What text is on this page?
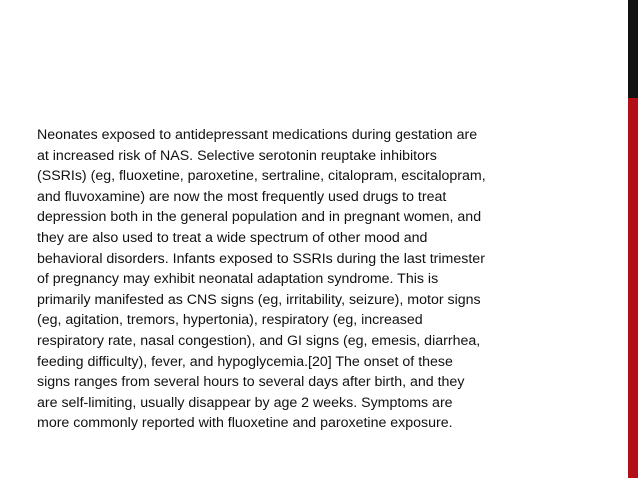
Neonates exposed to antidepressant medications during gestation are
at increased risk of NAS. Selective serotonin reuptake inhibitors
(SSRIs) (eg, fluoxetine, paroxetine, sertraline, citalopram, escitalopram,
and fluvoxamine) are now the most frequently used drugs to treat
depression both in the general population and in pregnant women, and
they are also used to treat a wide spectrum of other mood and
behavioral disorders. Infants exposed to SSRIs during the last trimester
of pregnancy may exhibit neonatal adaptation syndrome. This is
primarily manifested as CNS signs (eg, irritability, seizure), motor signs
(eg, agitation, tremors, hypertonia), respiratory (eg, increased
respiratory rate, nasal congestion), and GI signs (eg, emesis, diarrhea,
feeding difficulty), fever, and hypoglycemia.[20] The onset of these
signs ranges from several hours to several days after birth, and they
are self-limiting, usually disappear by age 2 weeks. Symptoms are
more commonly reported with fluoxetine and paroxetine exposure.
